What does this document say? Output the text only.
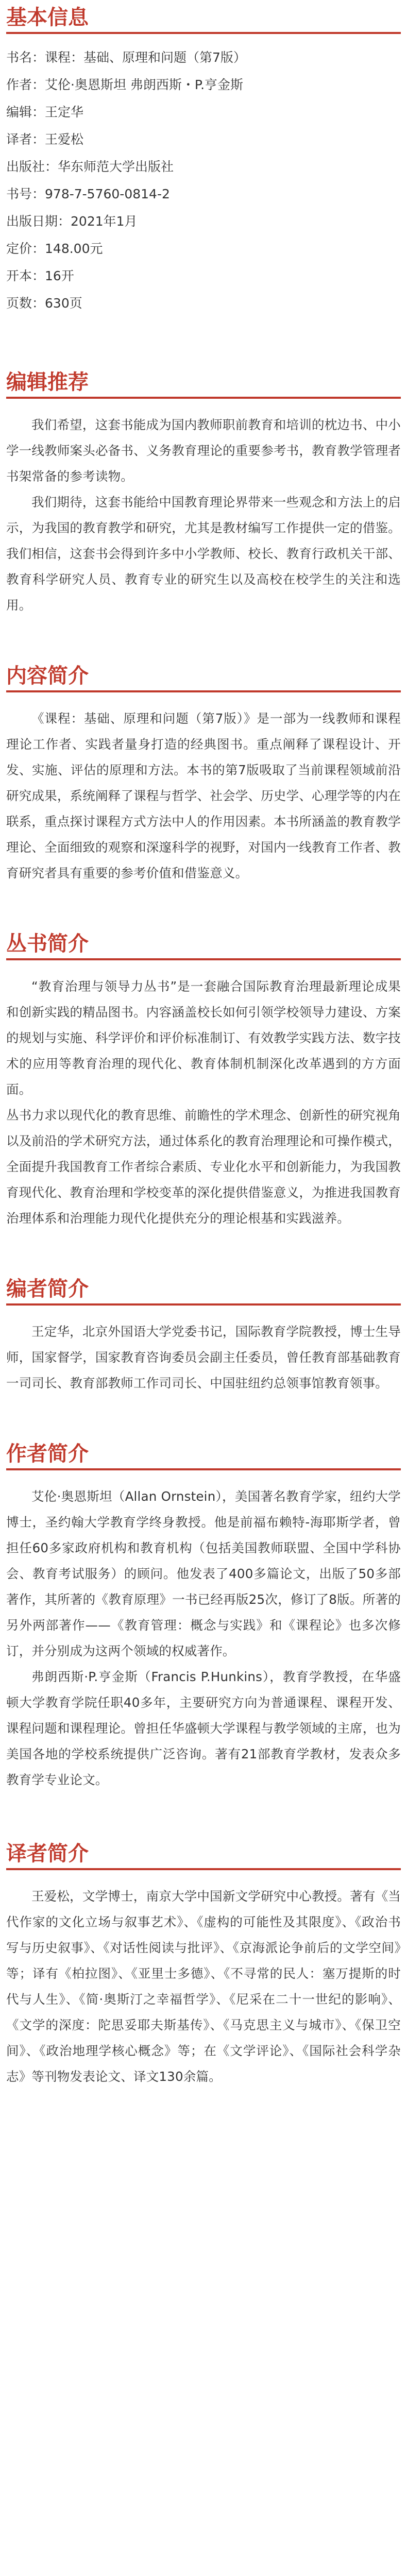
基本信息

书名：课程：基础、原理和问题（第7版）

作者：艾伦·奥恩斯坦 弗朗西斯・P.亨金斯

编辑：王定华

译者：王爱松

出版社：华东师范大学出版社

书号：978-7-5760-0814-2

出版日期：2021年1月

定价：148.00元

开本：16开

页数：630页

编辑推荐

我们希望，这套书能成为国内教师职前教育和培训的枕边书、中小学一线教师案头必备书、义务教育理论的重要参考书，教育教学管理者书架常备的参考读物。

我们期待，这套书能给中国教育理论界带来一些观念和方法上的启示，为我国的教育教学和研究，尤其是教材编写工作提供一定的借鉴。我们相信，这套书会得到许多中小学教师、校长、教育行政机关干部、教育科学研究人员、教育专业的研究生以及高校在校学生的关注和选用。

内容简介

《课程：基础、原理和问题（第7版）》是一部为一线教师和课程理论工作者、实践者量身打造的经典图书。重点阐释了课程设计、开发、实施、评估的原理和方法。本书的第7版吸取了当前课程领域前沿研究成果，系统阐释了课程与哲学、社会学、历史学、心理学等的内在联系，重点探讨课程方式方法中人的作用因素。本书所涵盖的教育教学理论、全面细致的观察和深邃科学的视野，对国内一线教育工作者、教育研究者具有重要的参考价值和借鉴意义。

丛书简介

“教育治理与领导力丛书”是一套融合国际教育治理最新理论成果和创新实践的精品图书。内容涵盖校长如何引领学校领导力建设、方案的规划与实施、科学评价和评价标准制订、有效教学实践方法、数字技术的应用等教育治理的现代化、教育体制机制深化改革遇到的方方面面。

丛书力求以现代化的教育思维、前瞻性的学术理念、创新性的研究视角以及前沿的学术研究方法，通过体系化的教育治理理论和可操作模式，全面提升我国教育工作者综合素质、专业化水平和创新能力，为我国教育现代化、教育治理和学校变革的深化提供借鉴意义，为推进我国教育治理体系和治理能力现代化提供充分的理论根基和实践滋养。

编者简介

王定华，北京外国语大学党委书记，国际教育学院教授，博士生导师，国家督学，国家教育咨询委员会副主任委员，曾任教育部基础教育一司司长、教育部教师工作司司长、中国驻纽约总领事馆教育领事。

作者简介

艾伦·奥恩斯坦（Allan Ornstein），美国著名教育学家，纽约大学博士，圣约翰大学教育学终身教授。他是前福布赖特-海耶斯学者，曾担任60多家政府机构和教育机构（包括美国教师联盟、全国中学科协会、教育考试服务）的顾问。他发表了400多篇论文，出版了50多部著作，其所著的《教育原理》一书已经再版25次，修订了8版。所著的另外两部著作——《教育管理：概念与实践》和《课程论》也多次修订，并分别成为这两个领域的权威著作。

弗朗西斯·P.亨金斯（Francis P.Hunkins），教育学教授，在华盛顿大学教育学院任职40多年，主要研究方向为普通课程、课程开发、课程问题和课程理论。曾担任华盛顿大学课程与教学领域的主席，也为美国各地的学校系统提供广泛咨询。著有21部教育学教材，发表众多教育学专业论文。

译者简介

王爱松，文学博士，南京大学中国新文学研究中心教授。著有《当代作家的文化立场与叙事艺术》、《虚构的可能性及其限度》、《政治书写与历史叙事》、《对话性阅读与批评》、《京海派论争前后的文学空间》等；译有《柏拉图》、《亚里士多德》、《不寻常的民人：塞万提斯的时代与人生》、《简·奥斯汀之幸福哲学》、《尼采在二十一世纪的影响》、《文学的深度：陀思妥耶夫斯基传》、《马克思主义与城市》、《保卫空间》、《政治地理学核心概念》等；在《文学评论》、《国际社会科学杂志》等刊物发表论文、译文130余篇。
